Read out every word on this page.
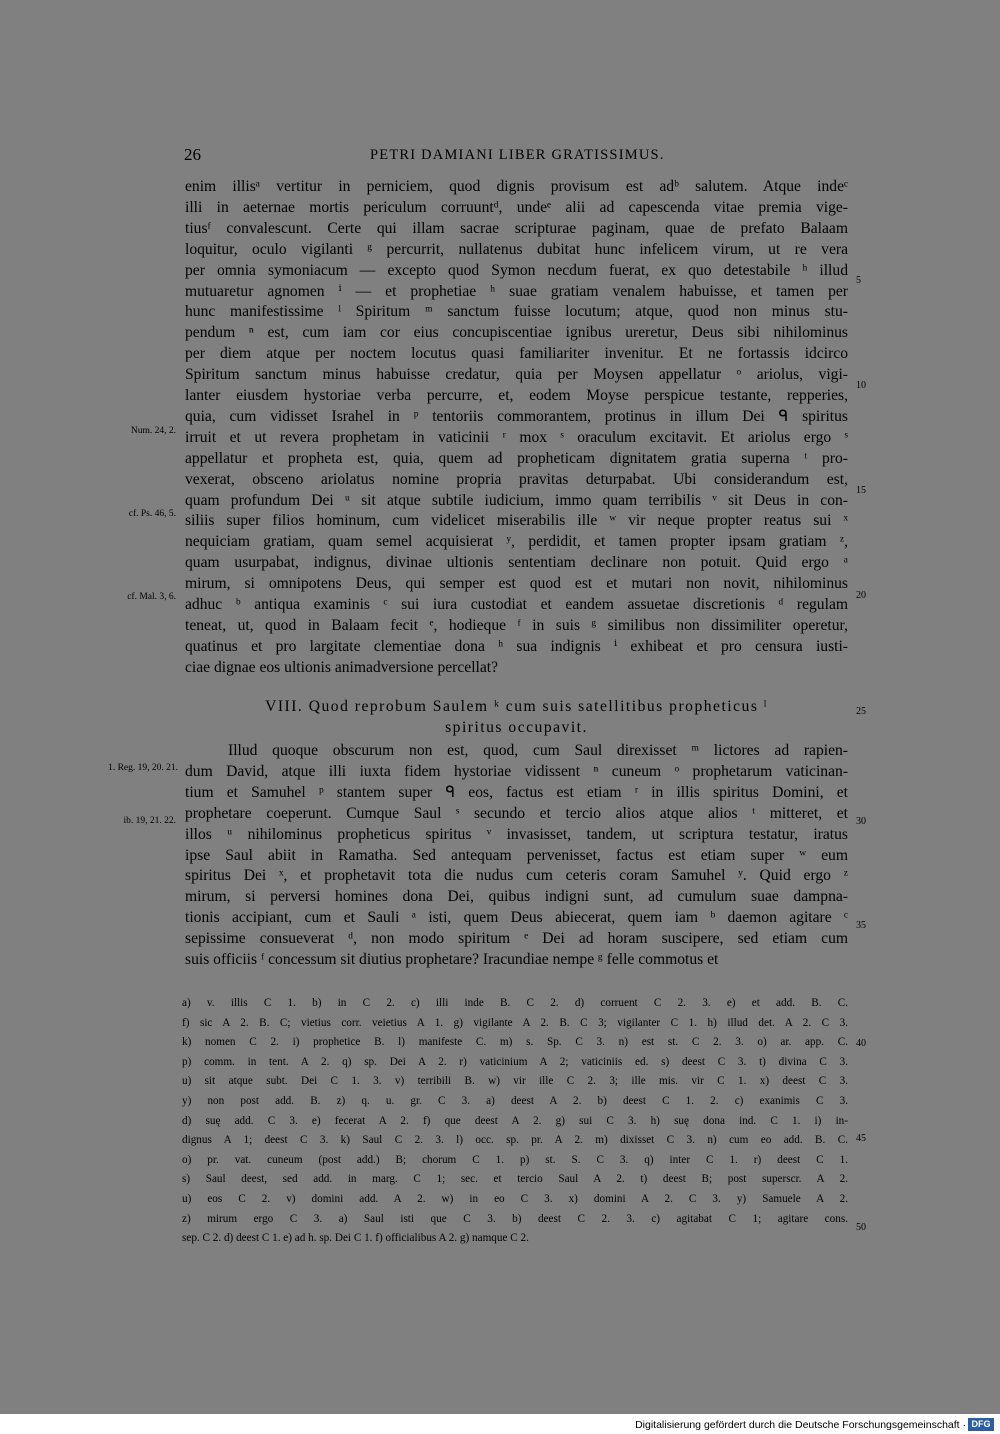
26	PETRI DAMIANI LIBER GRATISSIMUS.
enim illisᵃ vertitur in perniciem, quod dignis provisum est adᵇ salutem. Atque indeᶜ
illi in aeternae mortis periculum corruuntᵈ, undeᵉ alii ad capescenda vitae premia vige-
tiusᶠ convalescunt. Certe qui illam sacrae scripturae paginam, quae de prefato Balaam
loquitur, oculo vigilanti ᵍ percurrit, nullatenus dubitat hunc infelicem virum, ut re vera
per omnia symoniacum — excepto quod Symon necdum fuerat, ex quo detestabile ʰ illud
mutuaretur agnomen ⁱ — et prophetiae ʰ suae gratiam venalem habuisse, et tamen per
hunc manifestissime ˡ Spiritum ᵐ sanctum fuisse locutum; atque, quod non minus stu-
pendum ⁿ est, cum iam cor eius concupiscentiae ignibus ureretur, Deus sibi nihilominus
per diem atque per noctem locutus quasi familiariter invenitur. Et ne fortassis idcirco
Spiritum sanctum minus habuisse credatur, quia per Moysen appellatur ᵒ ariolus, vigi-
lanter eiusdem hystoriae verba percurre, et, eodem Moyse perspicue testante, repperies,
quia, cum vidisset Israhel in ᵖ tentoriis commorantem, protinus in illum Dei ᑫ spiritus
irruit et ut revera prophetam in vaticinii ʳ mox ˢ oraculum excitavit. Et ariolus ergo ˢ
appellatur et propheta est, quia, quem ad propheticam dignitatem gratia superna ᵗ pro-
vexerat, obsceno ariolatus nomine propria pravitas deturpabat. Ubi considerandum est,
quam profundum Dei ᵘ sit atque subtile iudicium, immo quam terribilis ᵛ sit Deus in con-
siliis super filios hominum, cum videlicet miserabilis ille ʷ vir neque propter reatus sui ˣ
nequiciam gratiam, quam semel acquisierat ʸ, perdidit, et tamen propter ipsam gratiam ᶻ,
quam usurpabat, indignus, divinae ultionis sententiam declinare non potuit. Quid ergo ᵃ
mirum, si omnipotens Deus, qui semper est quod est et mutari non novit, nihilominus
adhuc ᵇ antiqua examinis ᶜ sui iura custodiat et eandem assuetae discretionis ᵈ regulam
teneat, ut, quod in Balaam fecit ᵉ, hodieque ᶠ in suis ᵍ similibus non dissimiliter operetur,
quatinus et pro largitate clementiae dona ʰ sua indignis ⁱ exhibeat et pro censura iusti-
ciae dignae eos ultionis animadversione percellat?
VIII. Quod reprobum Saulem ᵏ cum suis satellitibus propheticus ˡ
spiritus occupavit.
Illud quoque obscurum non est, quod, cum Saul direxisset ᵐ lictores ad rapien-
dum David, atque illi iuxta fidem hystoriae vidissent ⁿ cuneum ᵒ prophetarum vaticinan-
tium et Samuhel ᵖ stantem super ᑫ eos, factus est etiam ʳ in illis spiritus Domini, et
prophetare coeperunt. Cumque Saul ˢ secundo et tercio alios atque alios ᵗ mitteret, et
illos ᵘ nihilominus propheticus spiritus ᵛ invasisset, tandem, ut scriptura testatur, iratus
ipse Saul abiit in Ramatha. Sed antequam pervenisset, factus est etiam super ʷ eum
spiritus Dei ˣ, et prophetavit tota die nudus cum ceteris coram Samuhel ʸ. Quid ergo ᶻ
mirum, si perversi homines dona Dei, quibus indigni sunt, ad cumulum suae dampna-
tionis accipiant, cum et Sauli ᵃ isti, quem Deus abiecerat, quem iam ᵇ daemon agitare ᶜ
sepissime consueverat ᵈ, non modo spiritum ᵉ Dei ad horam suscipere, sed etiam cum
suis officiis ᶠ concessum sit diutius prophetare? Iracundiae nempe ᵍ felle commotus et
Num. 24, 2.
cf. Ps. 46, 5.
cf. Mal. 3, 6.
1. Reg. 19, 20. 21.
ib. 19, 21. 22.
5
10
15
20
25
30
35
40
45
50
a) v. illis C 1. b) in C 2. c) illi inde B. C 2. d) corruent C 2. 3. e) et add. B. C.
f) sic A 2. B. C; vietius corr. veietius A 1. g) vigilante A 2. B. C 3; vigilanter C 1. h) illud det. A 2. C 3.
k) nomen C 2. i) prophetice B. l) manifeste C. m) s. Sp. C 3. n) est st. C 2. 3. o) ar. app. C.
p) comm. in tent. A 2. q) sp. Dei A 2. r) vaticinium A 2; vaticiniis ed. s) deest C 3. t) divina C 3.
u) sit atque subt. Dei C 1. 3. v) terribili B. w) vir ille C 2. 3; ille mis. vir C 1. x) deest C 3.
y) non post add. B. z) q. u. gr. C 3. a) deest A 2. b) deest C 1. 2. c) exanimis C 3.
d) suę add. C 3. e) fecerat A 2. f) que deest A 2. g) sui C 3. h) suę dona ind. C 1. i) in-
dignus A 1; deest C 3. k) Saul C 2. 3. l) occ. sp. pr. A 2. m) dixisset C 3. n) cum eo add. B. C.
o) pr. vat. cuneum (post add.) B; chorum C 1. p) st. S. C 3. q) inter C 1. r) deest C 1.
s) Saul deest, sed add. in marg. C 1; sec. et tercio Saul A 2. t) deest B; post superscr. A 2.
u) eos C 2. v) domini add. A 2. w) in eo C 3. x) domini A 2. C 3. y) Samuele A 2.
z) mirum ergo C 3. a) Saul isti que C 3. b) deest C 2. 3. c) agitabat C 1; agitare cons.
sep. C 2. d) deest C 1. e) ad h. sp. Dei C 1. f) officialibus A 2. g) namque C 2.
Digitalisierung gefördert durch die Deutsche Forschungsgemeinschaft · DFG
